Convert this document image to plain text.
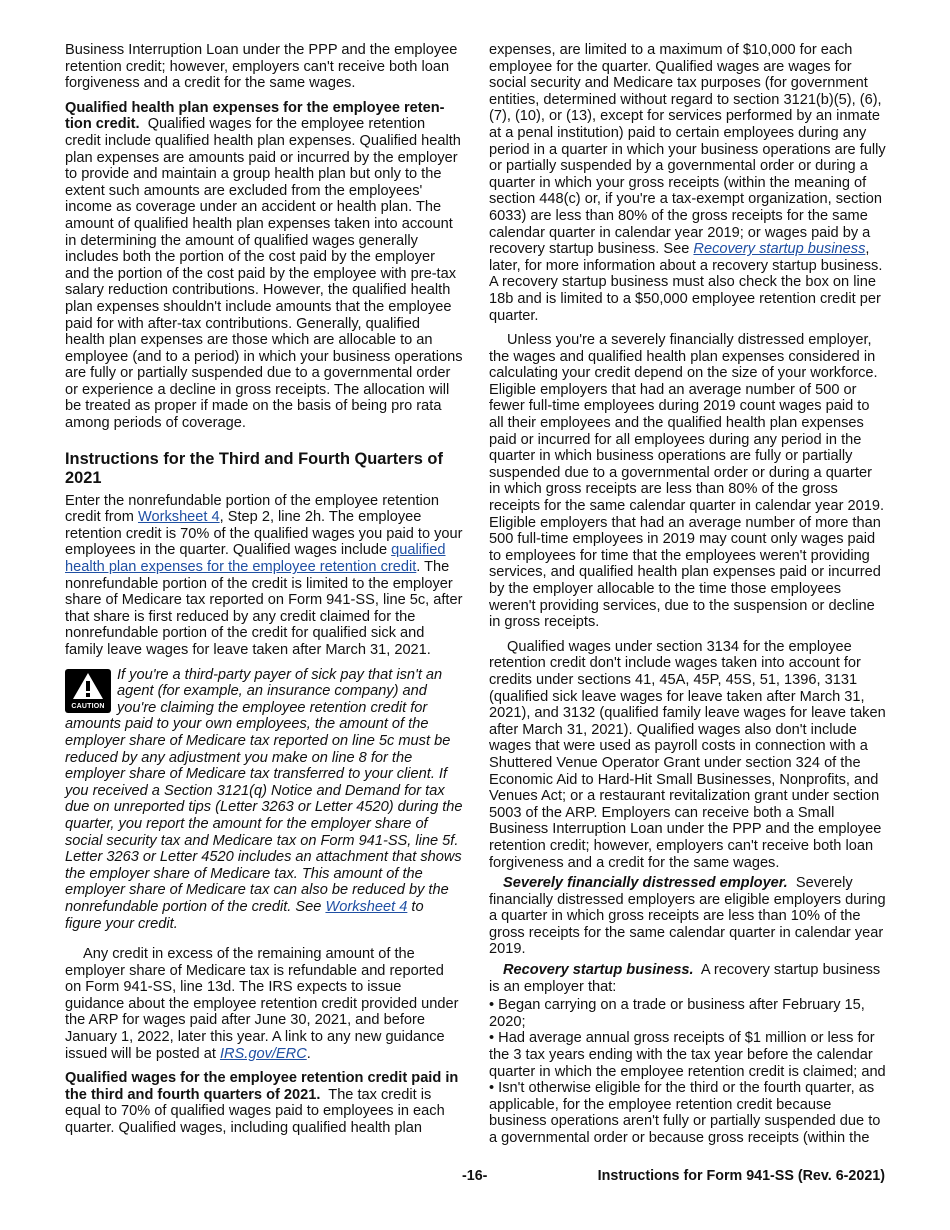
Business Interruption Loan under the PPP and the employee retention credit; however, employers can't receive both loan forgiveness and a credit for the same wages.

Qualified health plan expenses for the employee reten-tion credit. Qualified wages for the employee retention credit include qualified health plan expenses. Qualified health plan expenses are amounts paid or incurred by the employer to provide and maintain a group health plan but only to the extent such amounts are excluded from the employees' income as coverage under an accident or health plan. The amount of qualified health plan expenses taken into account in determining the amount of qualified wages generally includes both the portion of the cost paid by the employer and the portion of the cost paid by the employee with pre-tax salary reduction contributions. However, the qualified health plan expenses shouldn't include amounts that the employee paid for with after-tax contributions. Generally, qualified health plan expenses are those which are allocable to an employee (and to a period) in which your business operations are fully or partially suspended due to a governmental order or experience a decline in gross receipts. The allocation will be treated as proper if made on the basis of being pro rata among periods of coverage.

Instructions for the Third and Fourth Quarters of 2021

Enter the nonrefundable portion of the employee retention credit from Worksheet 4, Step 2, line 2h. The employee retention credit is 70% of the qualified wages you paid to your employees in the quarter. Qualified wages include qualified health plan expenses for the employee retention credit. The nonrefundable portion of the credit is limited to the employer share of Medicare tax reported on Form 941-SS, line 5c, after that share is first reduced by any credit claimed for the nonrefundable portion of the credit for qualified sick and family leave wages for leave taken after March 31, 2021.

CAUTION
If you're a third-party payer of sick pay that isn't an agent (for example, an insurance company) and you're claiming the employee retention credit for amounts paid to your own employees, the amount of the employer share of Medicare tax reported on line 5c must be reduced by any adjustment you make on line 8 for the employer share of Medicare tax transferred to your client. If you received a Section 3121(q) Notice and Demand for tax due on unreported tips (Letter 3263 or Letter 4520) during the quarter, you report the amount for the employer share of social security tax and Medicare tax on Form 941-SS, line 5f. Letter 3263 or Letter 4520 includes an attachment that shows the employer share of Medicare tax. This amount of the employer share of Medicare tax can also be reduced by the nonrefundable portion of the credit. See Worksheet 4 to figure your credit.

Any credit in excess of the remaining amount of the employer share of Medicare tax is refundable and reported on Form 941-SS, line 13d. The IRS expects to issue guidance about the employee retention credit provided under the ARP for wages paid after June 30, 2021, and before January 1, 2022, later this year. A link to any new guidance issued will be posted at IRS.gov/ERC.

Qualified wages for the employee retention credit paid in the third and fourth quarters of 2021. The tax credit is equal to 70% of qualified wages paid to employees in each quarter. Qualified wages, including qualified health plan

expenses, are limited to a maximum of $10,000 for each employee for the quarter. Qualified wages are wages for social security and Medicare tax purposes (for government entities, determined without regard to section 3121(b)(5), (6), (7), (10), or (13), except for services performed by an inmate at a penal institution) paid to certain employees during any period in a quarter in which your business operations are fully or partially suspended by a governmental order or during a quarter in which your gross receipts (within the meaning of section 448(c) or, if you're a tax-exempt organization, section 6033) are less than 80% of the gross receipts for the same calendar quarter in calendar year 2019; or wages paid by a recovery startup business. See Recovery startup business, later, for more information about a recovery startup business. A recovery startup business must also check the box on line 18b and is limited to a $50,000 employee retention credit per quarter.

Unless you're a severely financially distressed employer, the wages and qualified health plan expenses considered in calculating your credit depend on the size of your workforce. Eligible employers that had an average number of 500 or fewer full-time employees during 2019 count wages paid to all their employees and the qualified health plan expenses paid or incurred for all employees during any period in the quarter in which business operations are fully or partially suspended due to a governmental order or during a quarter in which gross receipts are less than 80% of the gross receipts for the same calendar quarter in calendar year 2019. Eligible employers that had an average number of more than 500 full-time employees in 2019 may count only wages paid to employees for time that the employees weren't providing services, and qualified health plan expenses paid or incurred by the employer allocable to the time those employees weren't providing services, due to the suspension or decline in gross receipts.

Qualified wages under section 3134 for the employee retention credit don't include wages taken into account for credits under sections 41, 45A, 45P, 45S, 51, 1396, 3131 (qualified sick leave wages for leave taken after March 31, 2021), and 3132 (qualified family leave wages for leave taken after March 31, 2021). Qualified wages also don't include wages that were used as payroll costs in connection with a Shuttered Venue Operator Grant under section 324 of the Economic Aid to Hard-Hit Small Businesses, Nonprofits, and Venues Act; or a restaurant revitalization grant under section 5003 of the ARP. Employers can receive both a Small Business Interruption Loan under the PPP and the employee retention credit; however, employers can't receive both loan forgiveness and a credit for the same wages.

Severely financially distressed employer. Severely financially distressed employers are eligible employers during a quarter in which gross receipts are less than 10% of the gross receipts for the same calendar quarter in calendar year 2019.

Recovery startup business. A recovery startup business is an employer that:

• Began carrying on a trade or business after February 15, 2020;

• Had average annual gross receipts of $1 million or less for the 3 tax years ending with the tax year before the calendar quarter in which the employee retention credit is claimed; and

• Isn't otherwise eligible for the third or the fourth quarter, as applicable, for the employee retention credit because business operations aren't fully or partially suspended due to a governmental order or because gross receipts (within the

-16-	Instructions for Form 941-SS (Rev. 6-2021)
